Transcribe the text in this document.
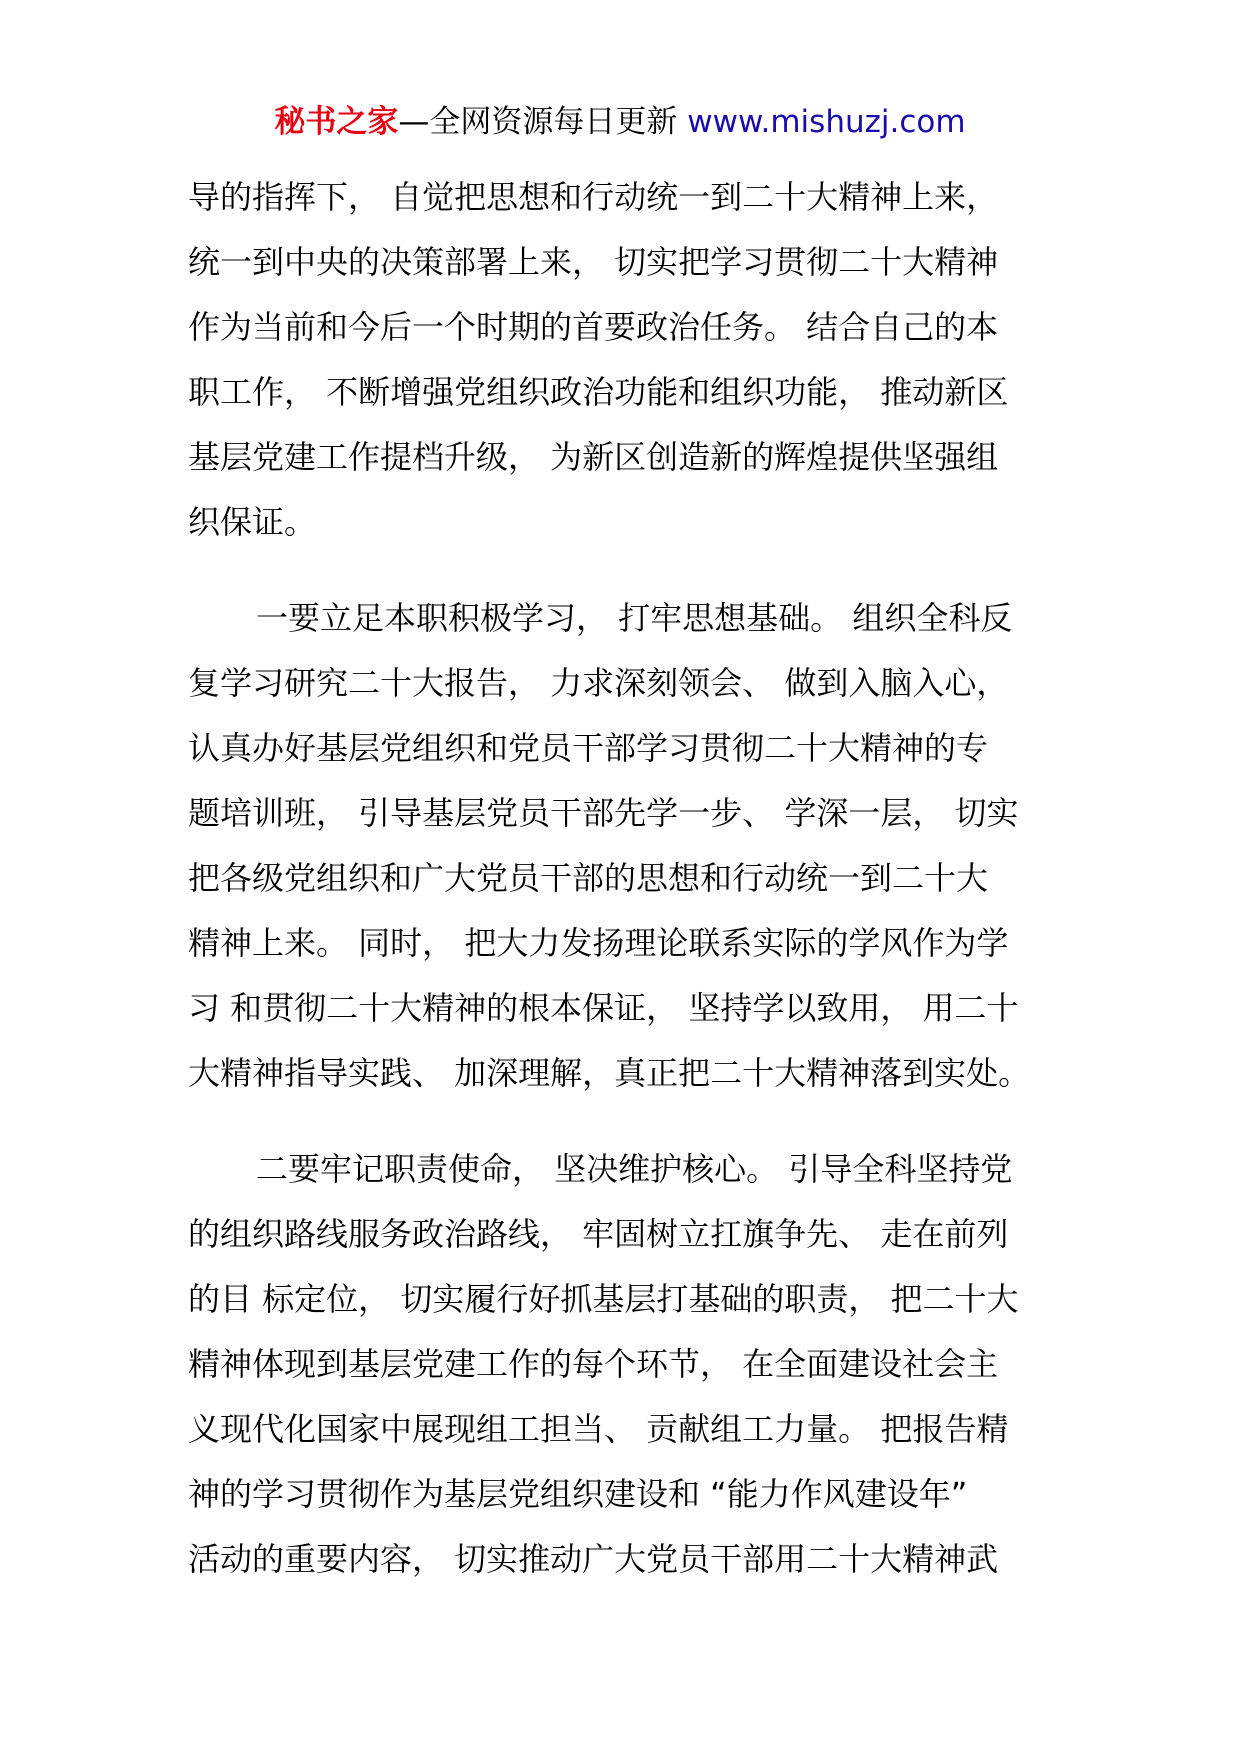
秘书之家—全网资源每日更新 www.mishuzj.com
导的指挥下， 自觉把思想和行动统一到二十大精神上来，
统一到中央的决策部署上来， 切实把学习贯彻二十大精神
作为当前和今后一个时期的首要政治任务。 结合自己的本
职工作， 不断增强党组织政治功能和组织功能， 推动新区
基层党建工作提档升级， 为新区创造新的辉煌提供坚强组
织保证。
一要立足本职积极学习， 打牢思想基础。 组织全科反
复学习研究二十大报告， 力求深刻领会、 做到入脑入心，
认真办好基层党组织和党员干部学习贯彻二十大精神的专
题培训班， 引导基层党员干部先学一步、 学深一层， 切实
把各级党组织和广大党员干部的思想和行动统一到二十大
精神上来。 同时， 把大力发扬理论联系实际的学风作为学
习 和贯彻二十大精神的根本保证， 坚持学以致用， 用二十
大精神指导实践、 加深理解，真正把二十大精神落到实处。
二要牢记职责使命， 坚决维护核心。 引导全科坚持党
的组织路线服务政治路线， 牢固树立扛旗争先、 走在前列
的目 标定位， 切实履行好抓基层打基础的职责， 把二十大
精神体现到基层党建工作的每个环节， 在全面建设社会主
义现代化国家中展现组工担当、 贡献组工力量。 把报告精
神的学习贯彻作为基层党组织建设和 “能力作风建设年”
活动的重要内容， 切实推动广大党员干部用二十大精神武
